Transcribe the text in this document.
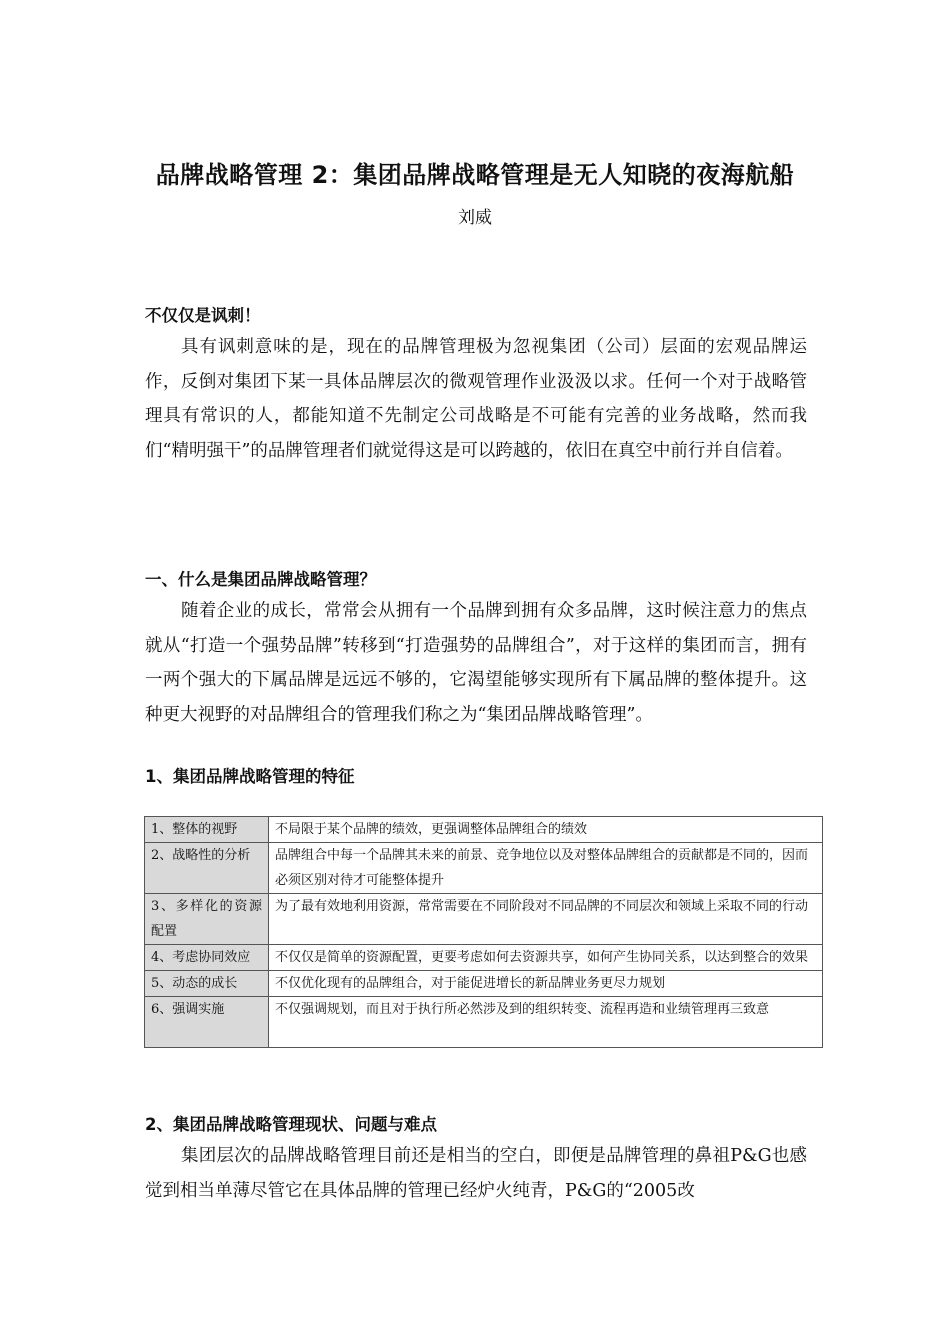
品牌战略管理 2：集团品牌战略管理是无人知晓的夜海航船
刘威
不仅仅是讽刺！

具有讽刺意味的是，现在的品牌管理极为忽视集团（公司）层面的宏观品牌运作，反倒对集团下某一具体品牌层次的微观管理作业汲汲以求。任何一个对于战略管理具有常识的人，都能知道不先制定公司战略是不可能有完善的业务战略，然而我们“精明强干”的品牌管理者们就觉得这是可以跨越的，依旧在真空中前行并自信着。

一、什么是集团品牌战略管理？

随着企业的成长，常常会从拥有一个品牌到拥有众多品牌，这时候注意力的焦点就从“打造一个强势品牌”转移到“打造强势的品牌组合”，对于这样的集团而言，拥有一两个强大的下属品牌是远远不够的，它渴望能够实现所有下属品牌的整体提升。这种更大视野的对品牌组合的管理我们称之为“集团品牌战略管理”。

1、集团品牌战略管理的特征
1、整体的视野	不局限于某个品牌的绩效，更强调整体品牌组合的绩效
2、战略性的分析	品牌组合中每一个品牌其未来的前景、竞争地位以及对整体品牌组合的贡献都是不同的，因而必须区别对待才可能整体提升
3、多样化的资源配置	为了最有效地利用资源，常常需要在不同阶段对不同品牌的不同层次和领域上采取不同的行动
4、考虑协同效应	不仅仅是简单的资源配置，更要考虑如何去资源共享，如何产生协同关系，以达到整合的效果
5、动态的成长	不仅优化现有的品牌组合，对于能促进增长的新品牌业务更尽力规划
6、强调实施	不仅强调规划，而且对于执行所必然涉及到的组织转变、流程再造和业绩管理再三致意
2、集团品牌战略管理现状、问题与难点

集团层次的品牌战略管理目前还是相当的空白，即便是品牌管理的鼻祖P&G也感觉到相当单薄尽管它在具体品牌的管理已经炉火纯青，P&G的“2005改
